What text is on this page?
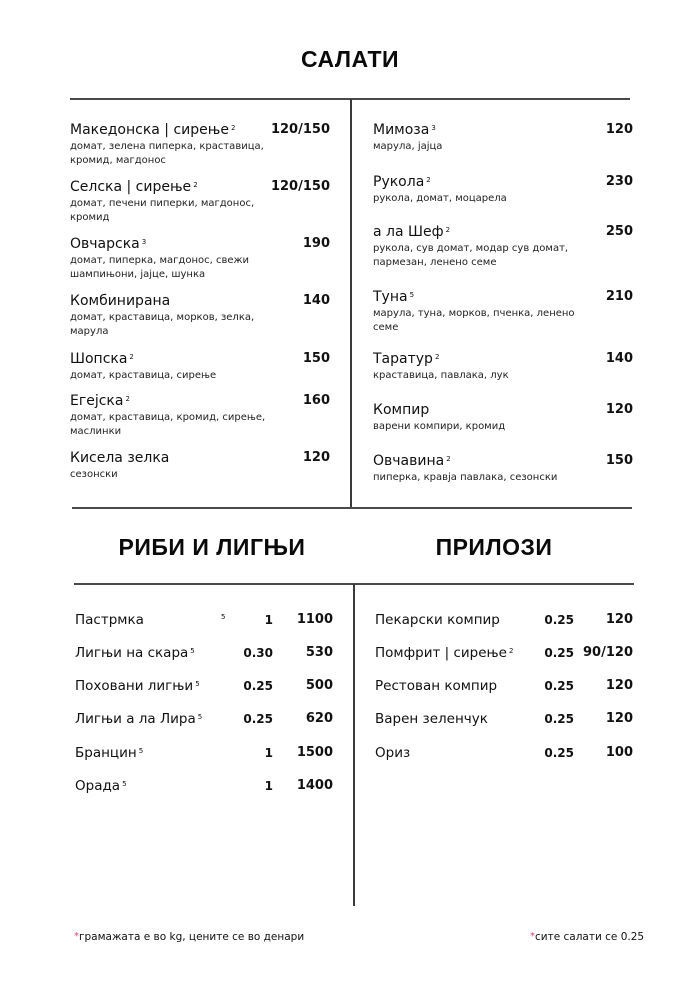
САЛАТИ
Македонска | сирење $^2$
домат, зелена пиперка, краставица, кромид, магдонос
120/150
Селска | сирење $^2$
домат, печени пиперки, магдонос, кромид
120/150
Овчарска $^3$
домат, пиперка, магдонос, свежи шампињони, јајце, шунка
190
Комбинирана
домат, краставица, морков, зелка, марула
140
Шопска $^2$
домат, краставица, сирење
150
Егејска $^2$
домат, краставица, кромид, сирење, маслинки
160
Кисела зелка
сезонски
120
Мимоза $^3$
марула, јајца
120
Рукола $^2$
рукола, домат, моцарела
230
а ла Шеф $^2$
рукола, сув домат, модар сув домат, пармезан, ленено семе
250
Туна $^5$
марула, туна, морков, пченка, ленено семе
210
Таратур $^2$
краставица, павлака, лук
140
Компир
варени компири, кромид
120
Овчавина $^2$
пиперка, кравја павлака, сезонски
150
РИБИ И ЛИГЊИ	ПРИЛОЗИ
Пастрмка	5	1 1100
Лигњи на скара $^5$	0.30	530
Пoховани лигњи $^5$	0.25	500
Лигњи а ла Лира $^5$	0.25	620
Бранцин $^5$	1 1500
Орада $^5$	1 1400
Пекарски компир	0.25 120
Помфрит | сирење $^2$	0.25 90/120
Рестован компир	0.25 120
Варен зеленчук	0.25 120
Ориз	0.25 100
*грамажата е во kg, цените се во денари	*сите салати се 0.25
